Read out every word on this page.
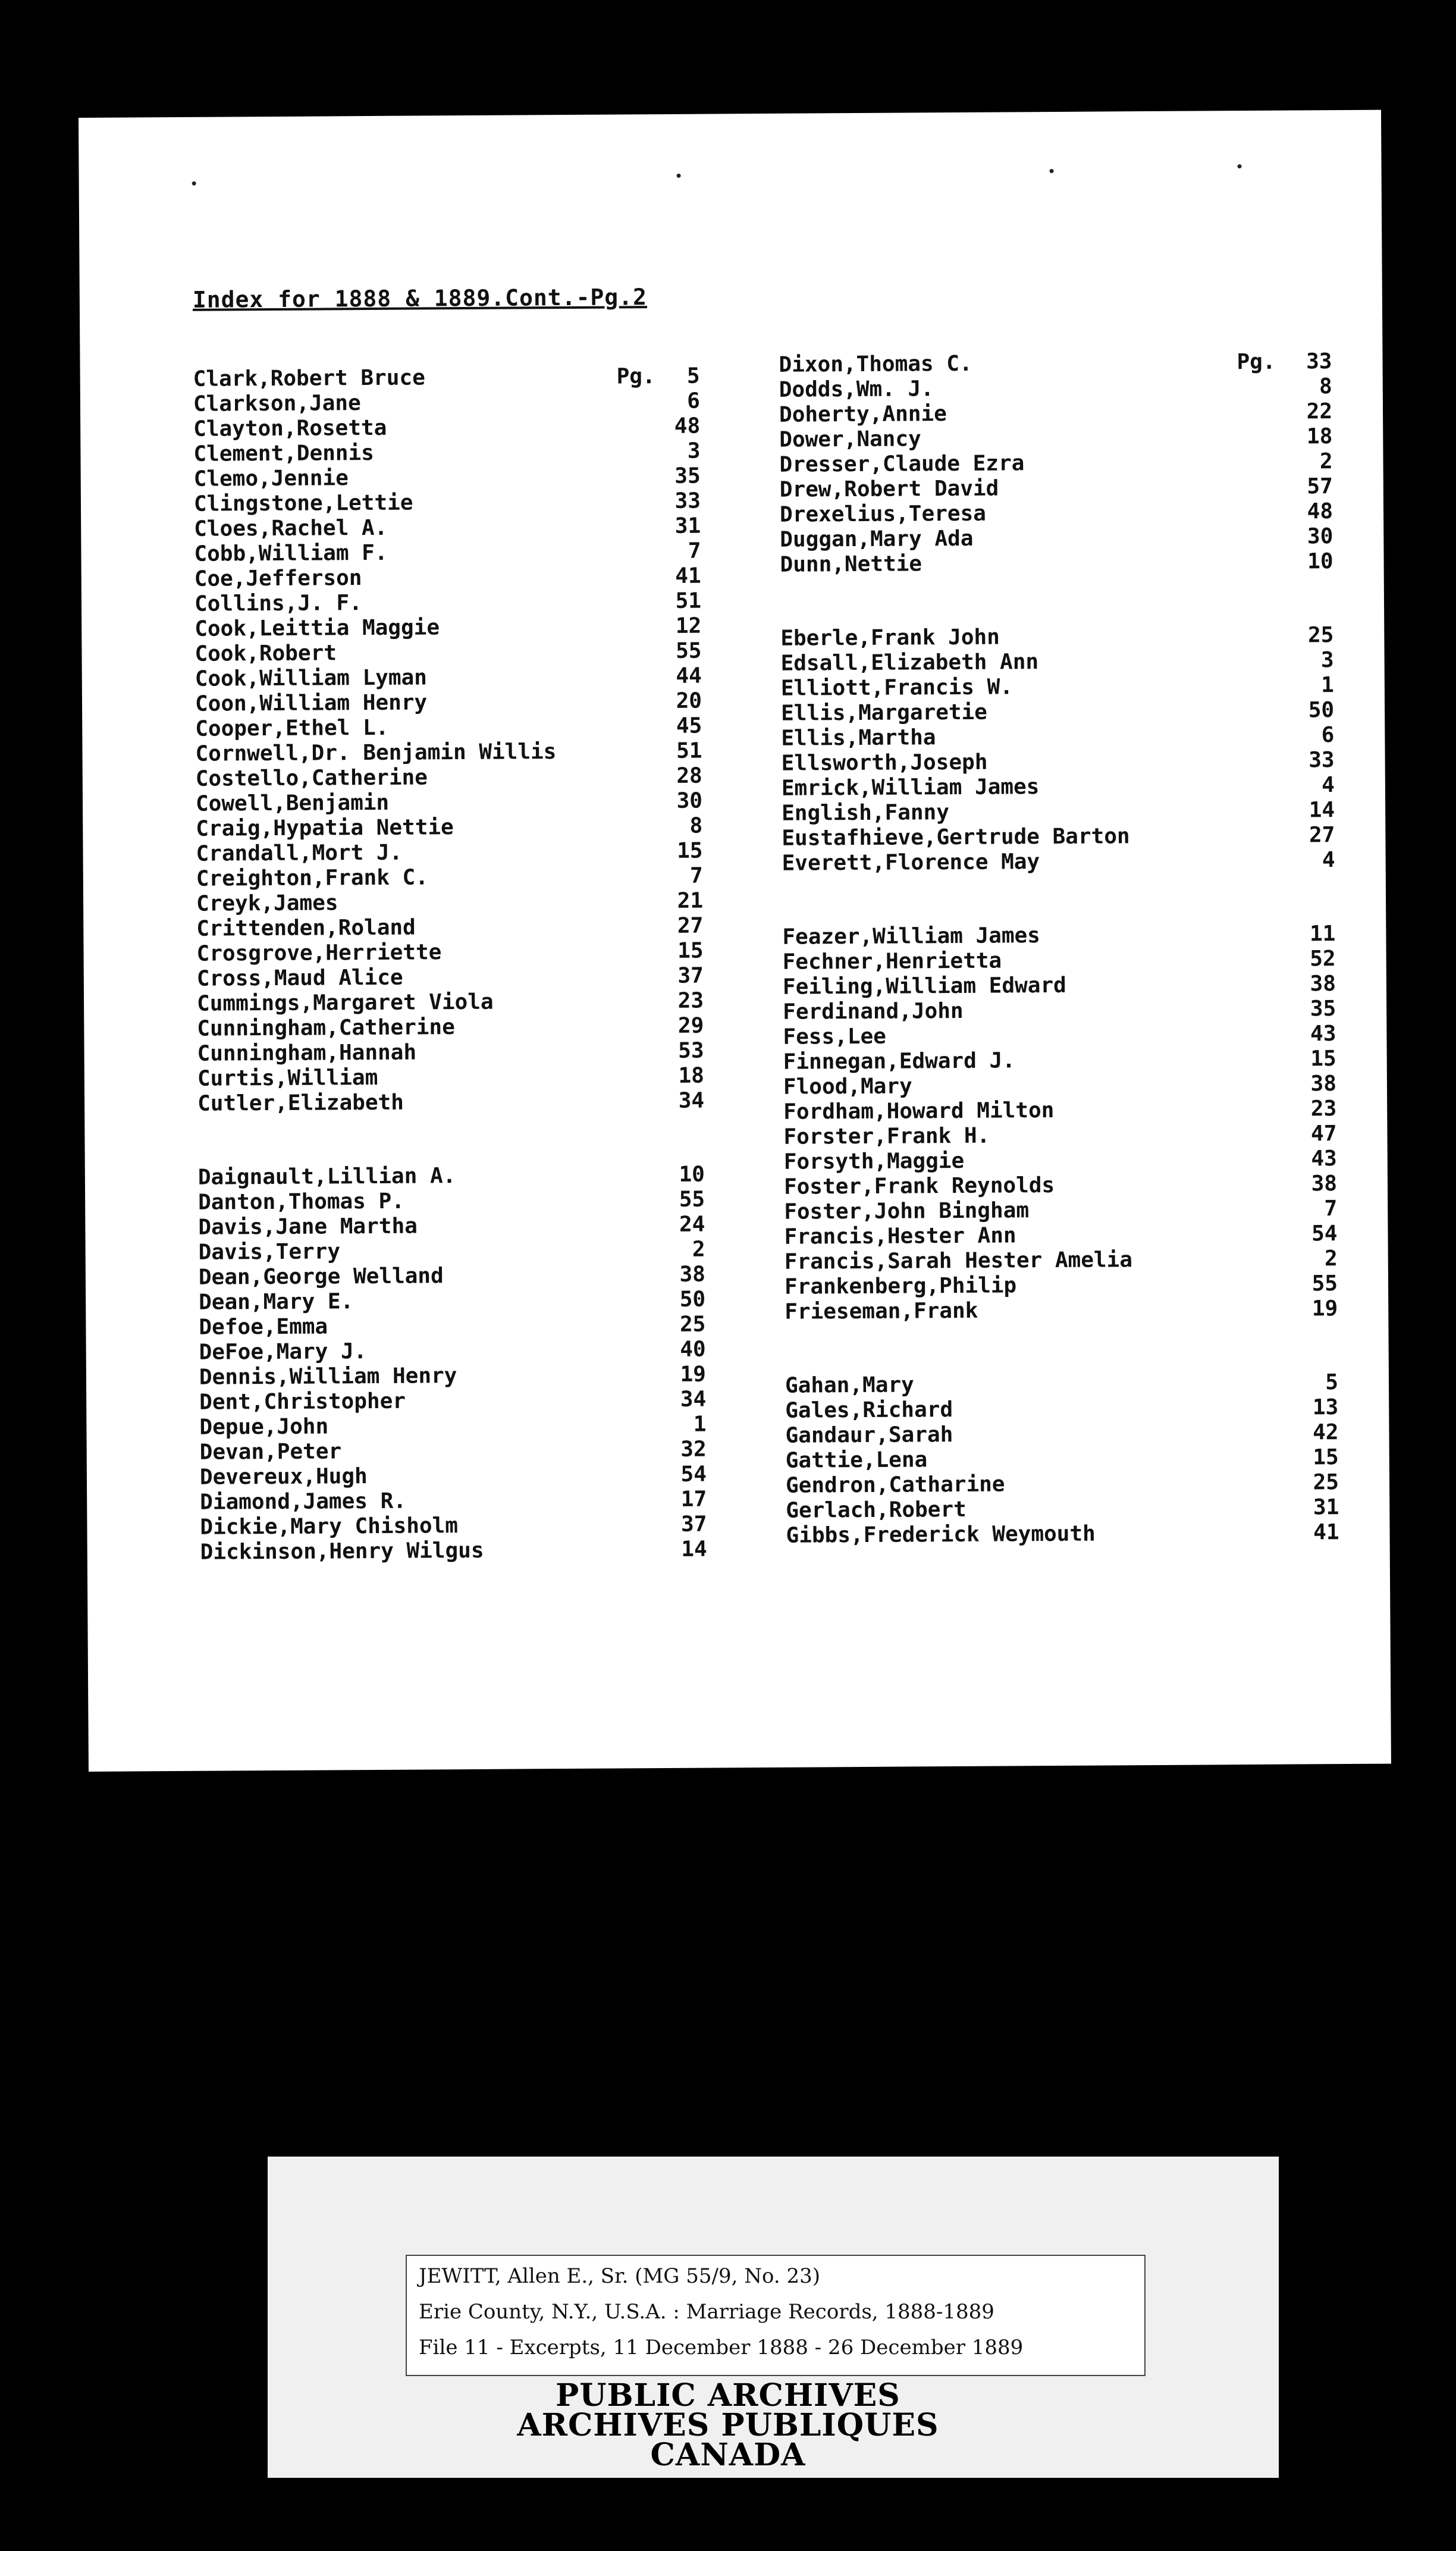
Index for 1888 & 1889.Cont.-Pg.2
Clark,Robert Bruce	Pg. 5
Clarkson,Jane	6
Clayton,Rosetta	48
Clement,Dennis	3
Clemo,Jennie	35
Clingstone,Lettie	33
Cloes,Rachel A.	31
Cobb,William F.	7
Coe,Jefferson	41
Collins,J. F.	51
Cook,Leittia Maggie	12
Cook,Robert	55
Cook,William Lyman	44
Coon,William Henry	20
Cooper,Ethel L.	45
Cornwell,Dr. Benjamin Willis	51
Costello,Catherine	28
Cowell,Benjamin	30
Craig,Hypatia Nettie	8
Crandall,Mort J.	15
Creighton,Frank C.	7
Creyk,James	21
Crittenden,Roland	27
Crosgrove,Herriette	15
Cross,Maud Alice	37
Cummings,Margaret Viola	23
Cunningham,Catherine	29
Cunningham,Hannah	53
Curtis,William	18
Cutler,Elizabeth	34
Daignault,Lillian A.	10
Danton,Thomas P.	55
Davis,Jane Martha	24
Davis,Terry	2
Dean,George Welland	38
Dean,Mary E.	50
Defoe,Emma	25
DeFoe,Mary J.	40
Dennis,William Henry	19
Dent,Christopher	34
Depue,John	1
Devan,Peter	32
Devereux,Hugh	54
Diamond,James R.	17
Dickie,Mary Chisholm	37
Dickinson,Henry Wilgus	14
Dixon,Thomas C.	Pg. 33
Dodds,Wm. J.	8
Doherty,Annie	22
Dower,Nancy	18
Dresser,Claude Ezra	2
Drew,Robert David	57
Drexelius,Teresa	48
Duggan,Mary Ada	30
Dunn,Nettie	10
Eberle,Frank John	25
Edsall,Elizabeth Ann	3
Elliott,Francis W.	1
Ellis,Margaretie	50
Ellis,Martha	6
Ellsworth,Joseph	33
Emrick,William James	4
English,Fanny	14
Eustafhieve,Gertrude Barton	27
Everett,Florence May	4
Feazer,William James	11
Fechner,Henrietta	52
Feiling,William Edward	38
Ferdinand,John	35
Fess,Lee	43
Finnegan,Edward J.	15
Flood,Mary	38
Fordham,Howard Milton	23
Forster,Frank H.	47
Forsyth,Maggie	43
Foster,Frank Reynolds	38
Foster,John Bingham	7
Francis,Hester Ann	54
Francis,Sarah Hester Amelia	2
Frankenberg,Philip	55
Frieseman,Frank	19
Gahan,Mary	5
Gales,Richard	13
Gandaur,Sarah	42
Gattie,Lena	15
Gendron,Catharine	25
Gerlach,Robert	31
Gibbs,Frederick Weymouth	41
JEWITT, Allen E., Sr. (MG 55/9, No. 23)
Erie County, N.Y., U.S.A. : Marriage Records, 1888-1889
File 11 - Excerpts, 11 December 1888 - 26 December 1889
PUBLIC ARCHIVES
ARCHIVES PUBLIQUES
CANADA
